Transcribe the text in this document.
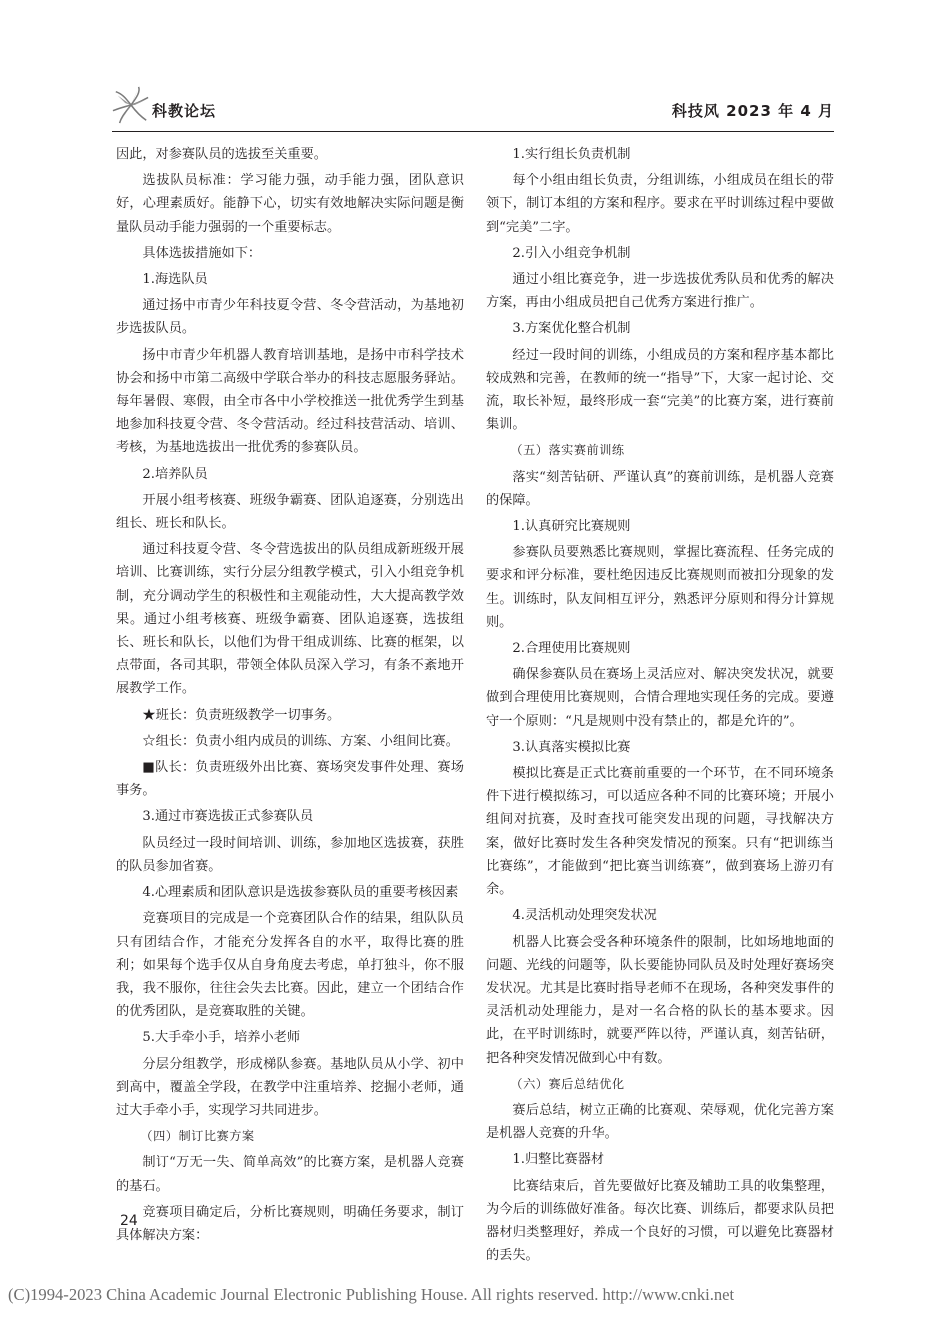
科教论坛	科技风 2023 年 4 月

因此，对参赛队员的选拔至关重要。

选拔队员标准：学习能力强，动手能力强，团队意识好，心理素质好。能静下心，切实有效地解决实际问题是衡量队员动手能力强弱的一个重要标志。

具体选拔措施如下：

1.海选队员

通过扬中市青少年科技夏令营、冬令营活动，为基地初步选拔队员。

扬中市青少年机器人教育培训基地，是扬中市科学技术协会和扬中市第二高级中学联合举办的科技志愿服务驿站。每年暑假、寒假，由全市各中小学校推送一批优秀学生到基地参加科技夏令营、冬令营活动。经过科技营活动、培训、考核，为基地选拔出一批优秀的参赛队员。

2.培养队员

开展小组考核赛、班级争霸赛、团队追逐赛，分别选出组长、班长和队长。

通过科技夏令营、冬令营选拔出的队员组成新班级开展培训、比赛训练，实行分层分组教学模式，引入小组竞争机制，充分调动学生的积极性和主观能动性，大大提高教学效果。通过小组考核赛、班级争霸赛、团队追逐赛，选拔组长、班长和队长，以他们为骨干组成训练、比赛的框架，以点带面，各司其职，带领全体队员深入学习，有条不紊地开展教学工作。

★班长：负责班级教学一切事务。

☆组长：负责小组内成员的训练、方案、小组间比赛。

■队长：负责班级外出比赛、赛场突发事件处理、赛场事务。

3.通过市赛选拔正式参赛队员

队员经过一段时间培训、训练，参加地区选拔赛，获胜的队员参加省赛。

4.心理素质和团队意识是选拔参赛队员的重要考核因素

竞赛项目的完成是一个竞赛团队合作的结果，组队队员只有团结合作，才能充分发挥各自的水平，取得比赛的胜利；如果每个选手仅从自身角度去考虑，单打独斗，你不服我，我不服你，往往会失去比赛。因此，建立一个团结合作的优秀团队，是竞赛取胜的关键。

5.大手牵小手，培养小老师

分层分组教学，形成梯队参赛。基地队员从小学、初中到高中，覆盖全学段，在教学中注重培养、挖掘小老师，通过大手牵小手，实现学习共同进步。

（四）制订比赛方案

制订“万无一失、简单高效”的比赛方案，是机器人竞赛的基石。

竞赛项目确定后，分析比赛规则，明确任务要求，制订具体解决方案：

1.实行组长负责机制

每个小组由组长负责，分组训练，小组成员在组长的带领下，制订本组的方案和程序。要求在平时训练过程中要做到“完美”二字。

2.引入小组竞争机制

通过小组比赛竞争，进一步选拔优秀队员和优秀的解决方案，再由小组成员把自己优秀方案进行推广。

3.方案优化整合机制

经过一段时间的训练，小组成员的方案和程序基本都比较成熟和完善，在教师的统一“指导”下，大家一起讨论、交流，取长补短，最终形成一套“完美”的比赛方案，进行赛前集训。

（五）落实赛前训练

落实“刻苦钻研、严谨认真”的赛前训练，是机器人竞赛的保障。

1.认真研究比赛规则

参赛队员要熟悉比赛规则，掌握比赛流程、任务完成的要求和评分标准，要杜绝因违反比赛规则而被扣分现象的发生。训练时，队友间相互评分，熟悉评分原则和得分计算规则。

2.合理使用比赛规则

确保参赛队员在赛场上灵活应对、解决突发状况，就要做到合理使用比赛规则，合情合理地实现任务的完成。要遵守一个原则：“凡是规则中没有禁止的，都是允许的”。

3.认真落实模拟比赛

模拟比赛是正式比赛前重要的一个环节，在不同环境条件下进行模拟练习，可以适应各种不同的比赛环境；开展小组间对抗赛，及时查找可能突发出现的问题，寻找解决方案，做好比赛时发生各种突发情况的预案。只有“把训练当比赛练”，才能做到“把比赛当训练赛”，做到赛场上游刃有余。

4.灵活机动处理突发状况

机器人比赛会受各种环境条件的限制，比如场地地面的问题、光线的问题等，队长要能协同队员及时处理好赛场突发状况。尤其是比赛时指导老师不在现场，各种突发事件的灵活机动处理能力，是对一名合格的队长的基本要求。因此，在平时训练时，就要严阵以待，严谨认真，刻苦钻研，把各种突发情况做到心中有数。

（六）赛后总结优化

赛后总结，树立正确的比赛观、荣辱观，优化完善方案是机器人竞赛的升华。

1.归整比赛器材

比赛结束后，首先要做好比赛及辅助工具的收集整理，为今后的训练做好准备。每次比赛、训练后，都要求队员把器材归类整理好，养成一个良好的习惯，可以避免比赛器材的丢失。

24
(C)1994-2023 China Academic Journal Electronic Publishing House. All rights reserved. http://www.cnki.net
